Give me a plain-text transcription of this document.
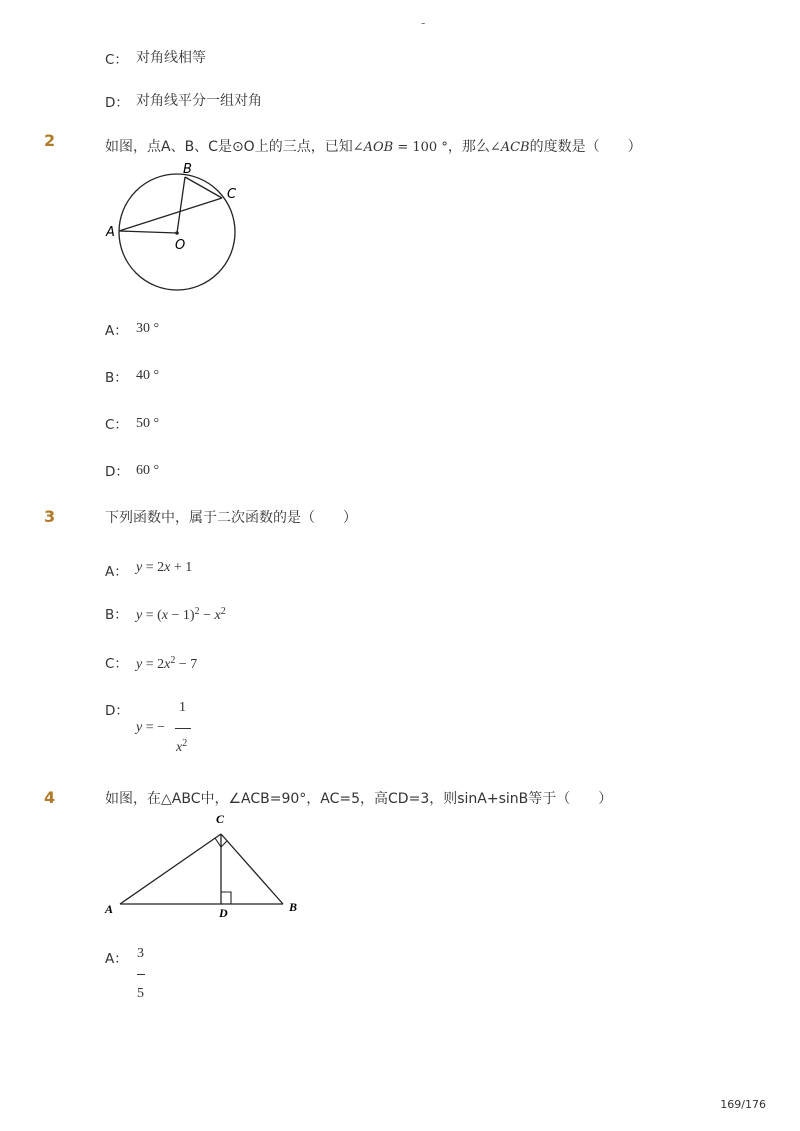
-
C： 对角线相等
D： 对角线平分一组对角
2	如图，点A、B、C是⊙O上的三点，已知∠AOB = 100 °，那么∠ACB的度数是（　　）
A
B
C
O
A： 30 °
B： 40 °
C： 50 °
D： 60 °
3	下列函数中，属于二次函数的是（　　）
A： y = 2x + 1
B： $y = (x - 1)^2 - x^2$
C： $y = 2x^2 - 7$
D：
y = −
1
$x^2$
4	如图，在△ABC中，∠ACB=90°，AC=5，高CD=3，则sinA+sinB等于（　　）
A	B
C
D
A： 3
5
169/176
